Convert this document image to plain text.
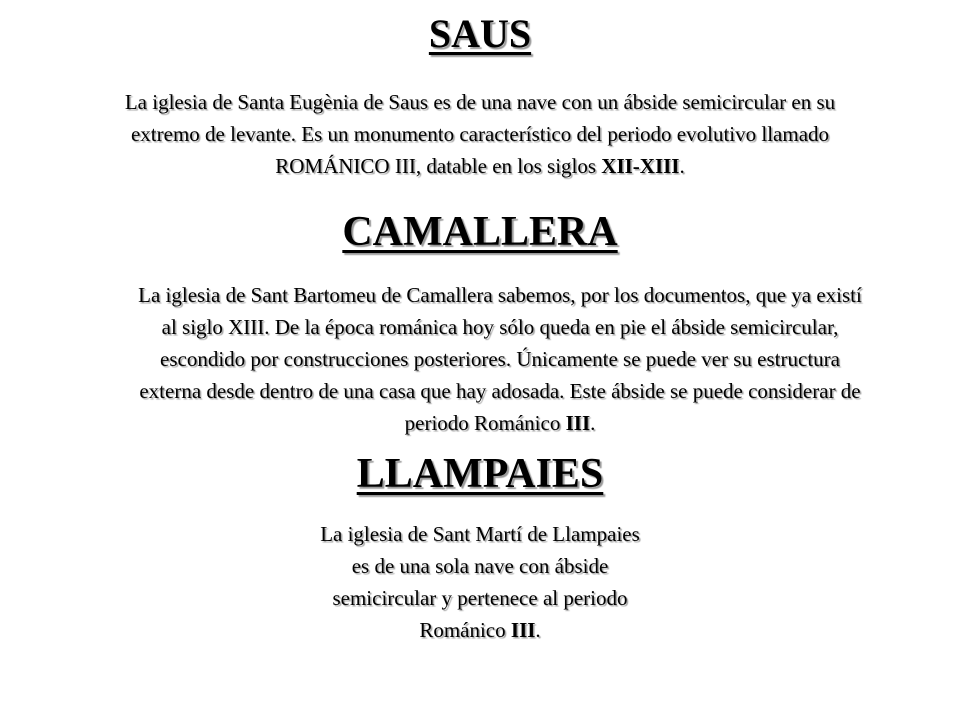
SAUS

La iglesia de Santa Eugènia de Saus es de una nave con un ábside semicircular en su
extremo de levante. Es un monumento característico del periodo evolutivo llamado
ROMÁNICO III, datable en los siglos XII-XIII.

CAMALLERA

La iglesia de Sant Bartomeu de Camallera sabemos, por los documentos, que ya existí
al siglo XIII. De la época románica hoy sólo queda en pie el ábside semicircular,
escondido por construcciones posteriores. Únicamente se puede ver su estructura
externa desde dentro de una casa que hay adosada. Este ábside se puede considerar de
periodo Románico III.

LLAMPAIES

La iglesia de Sant Martí de Llampaies
es de una sola nave con ábside
semicircular y pertenece al periodo
Románico III.
